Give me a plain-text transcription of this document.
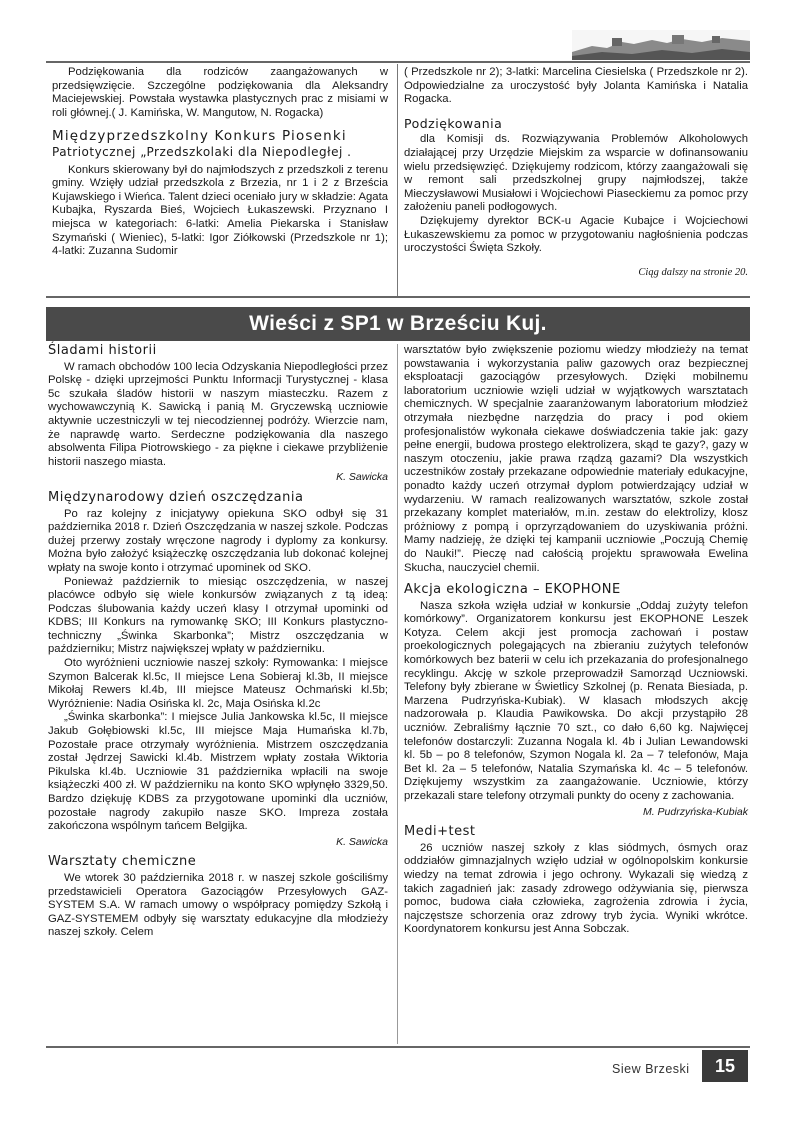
Podziękowania dla rodziców zaangażowanych w przedsięwzięcie. Szczególne podziękowania dla Aleksandry Maciejewskiej. Powstała wystawka plastycznych prac z misiami w roli głównej.( J. Kamińska, W. Mangutow, N. Rogacka)

Międzyprzedszkolny Konkurs Piosenki
Patriotycznej „Przedszkolaki dla Niepodległej .

Konkurs skierowany był do najmłodszych z przedszkoli z terenu gminy. Wzięły udział przedszkola z Brzezia, nr 1 i 2 z Brześcia Kujawskiego i Wieńca. Talent dzieci oceniało jury w składzie: Agata Kubajka, Ryszarda Bieś, Wojciech Łukaszewski. Przyznano I miejsca w kategoriach: 6-latki: Amelia Piekarska i Stanisław Szymański ( Wieniec), 5-latki: Igor Ziółkowski (Przedszkole nr 1); 4-latki: Zuzanna Sudomir

( Przedszkole nr 2); 3-latki: Marcelina Ciesielska ( Przedszkole nr 2). Odpowiedzialne za uroczystość były Jolanta Kamińska i Natalia Rogacka.

Podziękowania

dla Komisji ds. Rozwiązywania Problemów Alkoholowych działającej przy Urzędzie Miejskim za wsparcie w dofinansowaniu wielu przedsięwzięć. Dziękujemy rodzicom, którzy zaangażowali się w remont sali przedszkolnej grupy najmłodszej, także Mieczysławowi Musiałowi i Wojciechowi Piaseckiemu za pomoc przy założeniu paneli podłogowych.

Dziękujemy dyrektor BCK-u Agacie Kubajce i Wojciechowi Łukaszewskiemu za pomoc w przygotowaniu nagłośnienia podczas uroczystości Święta Szkoły.

Ciąg dalszy na stronie 20.
Wieści z SP1 w Brześciu Kuj.
Śladami historii

W ramach obchodów 100 lecia Odzyskania Niepodległości przez Polskę - dzięki uprzejmości Punktu Informacji Turystycznej - klasa 5c szukała śladów historii w naszym miasteczku. Razem z wychowawczynią K. Sawicką i panią M. Gryczewską uczniowie aktywnie uczestniczyli w tej niecodziennej podróży. Wierzcie nam, że naprawdę warto. Serdeczne podziękowania dla naszego absolwenta Filipa Piotrowskiego - za piękne i ciekawe przybliżenie historii naszego miasta.

K. Sawicka
Międzynarodowy dzień oszczędzania

Po raz kolejny z inicjatywy opiekuna SKO odbył się 31 października 2018 r. Dzień Oszczędzania w naszej szkole. Podczas dużej przerwy zostały wręczone nagrody i dyplomy za konkursy. Można było założyć książeczkę oszczędzania lub dokonać kolejnej wpłaty na swoje konto i otrzymać upominek od SKO.

Ponieważ październik to miesiąc oszczędzenia, w naszej placówce odbyło się wiele konkursów związanych z tą ideą: Podczas ślubowania każdy uczeń klasy I otrzymał upominki od KDBS; III Konkurs na rymowankę SKO; III Konkurs plastyczno-techniczny „Świnka Skarbonka”; Mistrz oszczędzania w październiku; Mistrz największej wpłaty w październiku.

Oto wyróżnieni uczniowie naszej szkoły: Rymowanka: I miejsce Szymon Balcerak kl.5c, II miejsce Lena Sobieraj kl.3b, II miejsce Mikołaj Rewers kl.4b, III miejsce Mateusz Ochmański kl.5b; Wyróżnienie: Nadia Osińska kl. 2c, Maja Osińska kl.2c

„Świnka skarbonka”: I miejsce Julia Jankowska kl.5c, II miejsce Jakub Gołębiowski kl.5c, III miejsce Maja Humańska kl.7b, Pozostałe prace otrzymały wyróżnienia. Mistrzem oszczędzania został Jędrzej Sawicki kl.4b. Mistrzem wpłaty została Wiktoria Pikulska kl.4b. Uczniowie 31 października wpłacili na swoje książeczki 400 zł. W październiku na konto SKO wpłynęło 3329,50. Bardzo dziękuję KDBS za przygotowane upominki dla uczniów, pozostałe nagrody zakupiło nasze SKO. Impreza została zakończona wspólnym tańcem Belgijka.

K. Sawicka
Warsztaty chemiczne

We wtorek 30 października 2018 r. w naszej szkole gościliśmy przedstawicieli Operatora Gazociągów Przesyłowych GAZ-SYSTEM S.A. W ramach umowy o współpracy pomiędzy Szkołą i GAZ-SYSTEMEM odbyły się warsztaty edukacyjne dla młodzieży naszej szkoły. Celem

warsztatów było zwiększenie poziomu wiedzy młodzieży na temat powstawania i wykorzystania paliw gazowych oraz bezpiecznej eksploatacji gazociągów przesyłowych. Dzięki mobilnemu laboratorium uczniowie wzięli udział w wyjątkowych warsztatach chemicznych. W specjalnie zaaranżowanym laboratorium młodzież otrzymała niezbędne narzędzia do pracy i pod okiem profesjonalistów wykonała ciekawe doświadczenia takie jak: gazy pełne energii, budowa prostego elektrolizera, skąd te gazy?, gazy w naszym otoczeniu, jakie prawa rządzą gazami? Dla wszystkich uczestników zostały przekazane odpowiednie materiały edukacyjne, ponadto każdy uczeń otrzymał dyplom potwierdzający udział w wydarzeniu. W ramach realizowanych warsztatów, szkole został przekazany komplet materiałów, m.in. zestaw do elektrolizy, klosz próżniowy z pompą i oprzyrządowaniem do uzyskiwania próżni. Mamy nadzieję, że dzięki tej kampanii uczniowie „Poczują Chemię do Nauki!”. Pieczę nad całością projektu sprawowała Ewelina Skucha, nauczyciel chemii.

Akcja ekologiczna – EKOPHONE

Nasza szkoła wzięła udział w konkursie „Oddaj zużyty telefon komórkowy”. Organizatorem konkursu jest EKOPHONE Leszek Kotyza. Celem akcji jest promocja zachowań i postaw proekologicznych polegających na zbieraniu zużytych telefonów komórkowych bez baterii w celu ich przekazania do profesjonalnego recyklingu. Akcję w szkole przeprowadził Samorząd Uczniowski. Telefony były zbierane w Świetlicy Szkolnej (p. Renata Biesiada, p. Marzena Pudrzyńska-Kubiak). W klasach młodszych akcję nadzorowała p. Klaudia Pawikowska. Do akcji przystąpiło 28 uczniów. Zebraliśmy łącznie 70 szt., co dało 6,60 kg. Najwięcej telefonów dostarczyli: Zuzanna Nogala kl. 4b i Julian Lewandowski kl. 5b – po 8 telefonów, Szymon Nogala kl. 2a – 7 telefonów, Maja Bet kl. 2a – 5 telefonów, Natalia Szymańska kl. 4c – 5 telefonów. Dziękujemy wszystkim za zaangażowanie. Uczniowie, którzy przekazali stare telefony otrzymali punkty do oceny z zachowania.

M. Pudrzyńska-Kubiak
Medi+test

26 uczniów naszej szkoły z klas siódmych, ósmych oraz oddziałów gimnazjalnych wzięło udział w ogólnopolskim konkursie wiedzy na temat zdrowia i jego ochrony. Wykazali się wiedzą z takich zagadnień jak: zasady zdrowego odżywiania się, pierwsza pomoc, budowa ciała człowieka, zagrożenia zdrowia i życia, najczęstsze schorzenia oraz zdrowy tryb życia. Wyniki wkrótce. Koordynatorem konkursu jest Anna Sobczak.

Siew Brzeski	15
